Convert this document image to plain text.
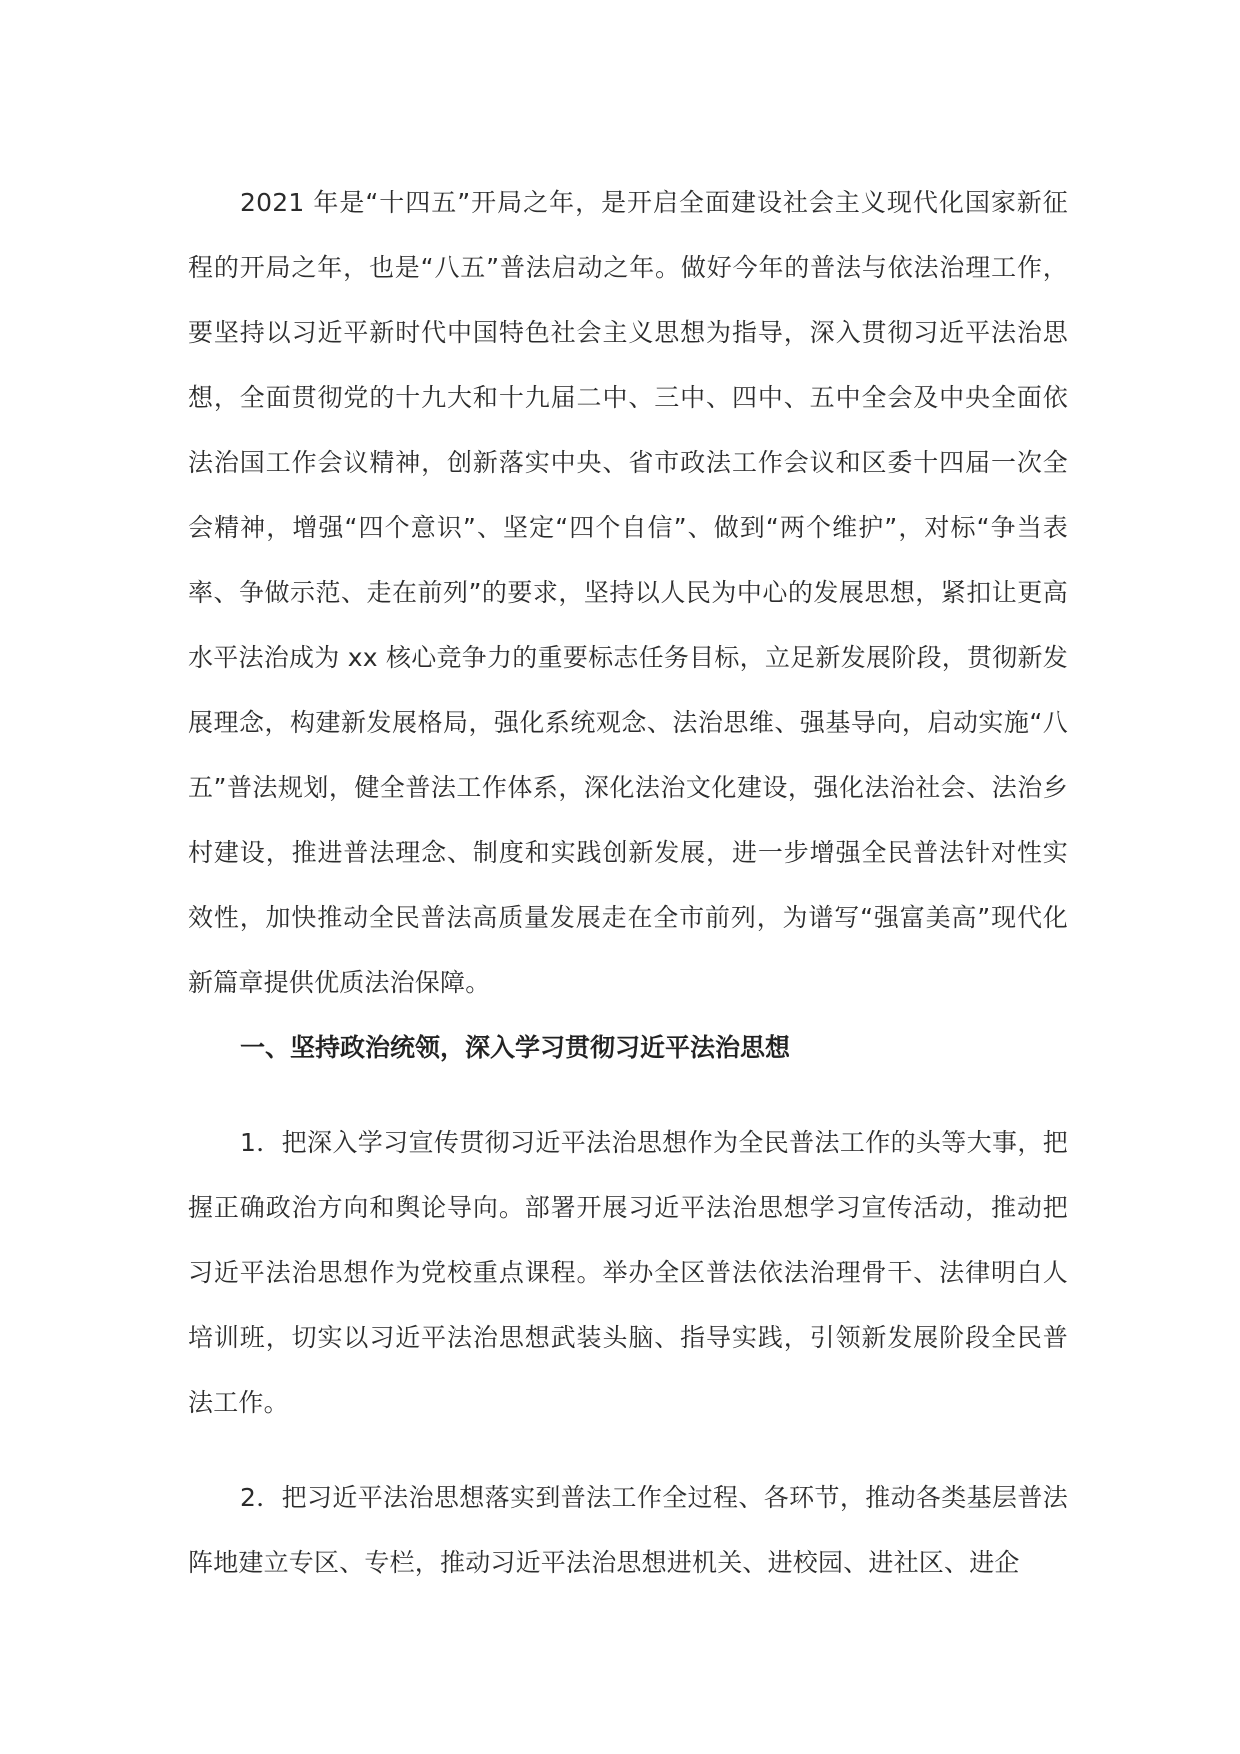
2021 年是“十四五”开局之年，是开启全面建设社会主义现代化国家新征程的开局之年，也是“八五”普法启动之年。做好今年的普法与依法治理工作，要坚持以习近平新时代中国特色社会主义思想为指导，深入贯彻习近平法治思想，全面贯彻党的十九大和十九届二中、三中、四中、五中全会及中央全面依法治国工作会议精神，创新落实中央、省市政法工作会议和区委十四届一次全会精神，增强“四个意识”、坚定“四个自信”、做到“两个维护”，对标“争当表率、争做示范、走在前列”的要求，坚持以人民为中心的发展思想，紧扣让更高水平法治成为 xx 核心竞争力的重要标志任务目标，立足新发展阶段，贯彻新发展理念，构建新发展格局，强化系统观念、法治思维、强基导向，启动实施“八五”普法规划，健全普法工作体系，深化法治文化建设，强化法治社会、法治乡村建设，推进普法理念、制度和实践创新发展，进一步增强全民普法针对性实效性，加快推动全民普法高质量发展走在全市前列，为谱写“强富美高”现代化新篇章提供优质法治保障。

一、坚持政治统领，深入学习贯彻习近平法治思想

1．把深入学习宣传贯彻习近平法治思想作为全民普法工作的头等大事，把握正确政治方向和舆论导向。部署开展习近平法治思想学习宣传活动，推动把习近平法治思想作为党校重点课程。举办全区普法依法治理骨干、法律明白人培训班，切实以习近平法治思想武装头脑、指导实践，引领新发展阶段全民普法工作。

2．把习近平法治思想落实到普法工作全过程、各环节，推动各类基层普法阵地建立专区、专栏，推动习近平法治思想进机关、进校园、进社区、进企
